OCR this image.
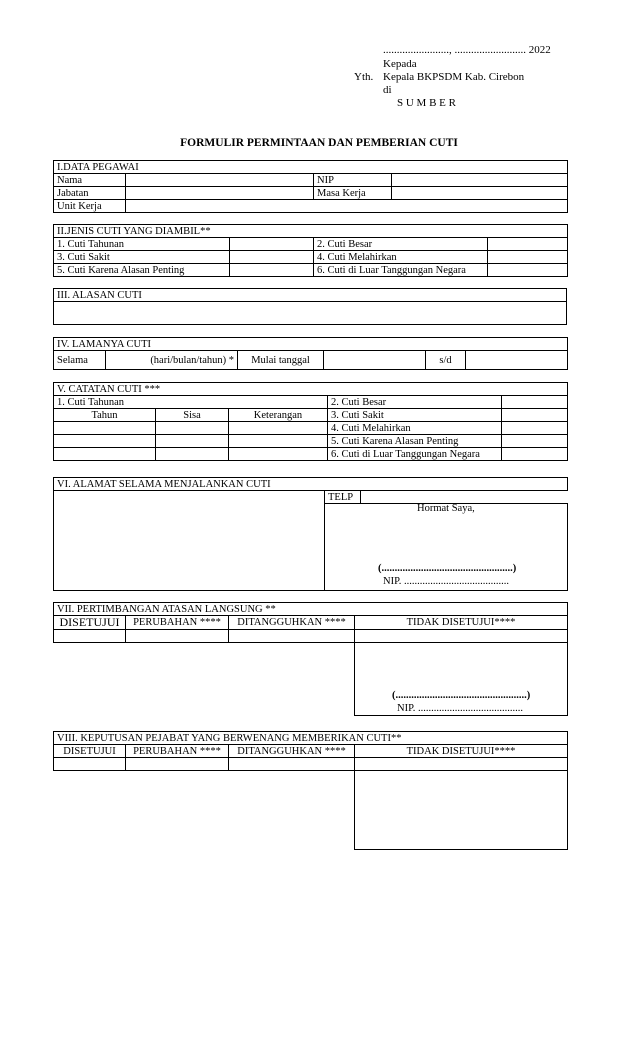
........................, .......................... 2022
Kepada
Yth. Kepala BKPSDM Kab. Cirebon
di
S U M B E R
FORMULIR PERMINTAAN DAN PEMBERIAN CUTI
I.DATA PEGAWAI			
Nama		NIP	
Jabatan		Masa Kerja	
Unit Kerja			
II.JENIS CUTI YANG DIAMBIL**			
1. Cuti Tahunan		2. Cuti Besar	
3. Cuti Sakit		4. Cuti Melahirkan	
5. Cuti Karena Alasan Penting		6. Cuti di Luar Tanggungan Negara	
III. ALASAN CUTI

IV. LAMANYA CUTI
Selama	(hari/bulan/tahun) *	Mulai tanggal		s/d	
V. CATATAN CUTI ***				
1. Cuti Tahunan			2. Cuti Besar	
Tahun	Sisa	Keterangan	3. Cuti Sakit	
			4. Cuti Melahirkan	
			5. Cuti Karena Alasan Penting	
			6. Cuti di Luar Tanggungan Negara	
VI. ALAMAT SELAMA MENJALANKAN CUTI
	TELP	

Hormat Saya,
(..................................................)
NIP. ........................................
VII. PERTIMBANGAN ATASAN LANGSUNG **			
DISETUJUI	PERUBAHAN ****	DITANGGUHKAN ****	TIDAK DISETUJUI****

(..................................................)
NIP. ........................................
VIII. KEPUTUSAN PEJABAT YANG BERWENANG MEMBERIKAN CUTI**			
DISETUJUI	PERUBAHAN ****	DITANGGUHKAN ****	TIDAK DISETUJUI****
